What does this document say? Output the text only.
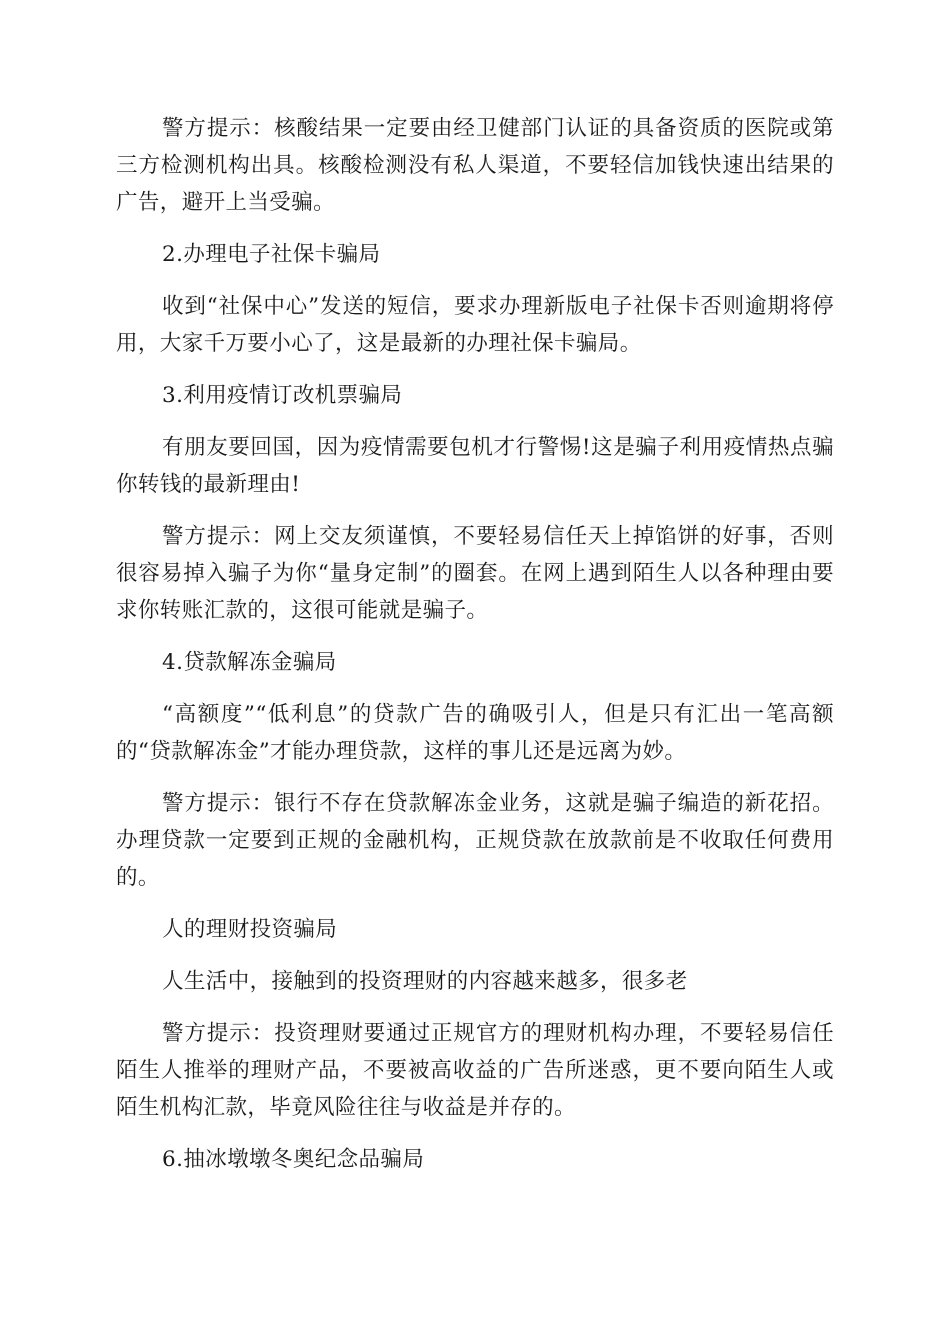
警方提示：核酸结果一定要由经卫健部门认证的具备资质的医院或第三方检测机构出具。核酸检测没有私人渠道，不要轻信加钱快速出结果的广告，避开上当受骗。

2.办理电子社保卡骗局

收到“社保中心”发送的短信，要求办理新版电子社保卡否则逾期将停用，大家千万要小心了，这是最新的办理社保卡骗局。

3.利用疫情订改机票骗局

有朋友要回国，因为疫情需要包机才行警惕!这是骗子利用疫情热点骗你转钱的最新理由!

警方提示：网上交友须谨慎，不要轻易信任天上掉馅饼的好事，否则很容易掉入骗子为你“量身定制”的圈套。在网上遇到陌生人以各种理由要求你转账汇款的，这很可能就是骗子。

4.贷款解冻金骗局

“高额度”“低利息”的贷款广告的确吸引人，但是只有汇出一笔高额的“贷款解冻金”才能办理贷款，这样的事儿还是远离为妙。

警方提示：银行不存在贷款解冻金业务，这就是骗子编造的新花招。办理贷款一定要到正规的金融机构，正规贷款在放款前是不收取任何费用的。

人的理财投资骗局

人生活中，接触到的投资理财的内容越来越多，很多老

警方提示：投资理财要通过正规官方的理财机构办理，不要轻易信任陌生人推举的理财产品，不要被高收益的广告所迷惑，更不要向陌生人或陌生机构汇款，毕竟风险往往与收益是并存的。

6.抽冰墩墩冬奥纪念品骗局
